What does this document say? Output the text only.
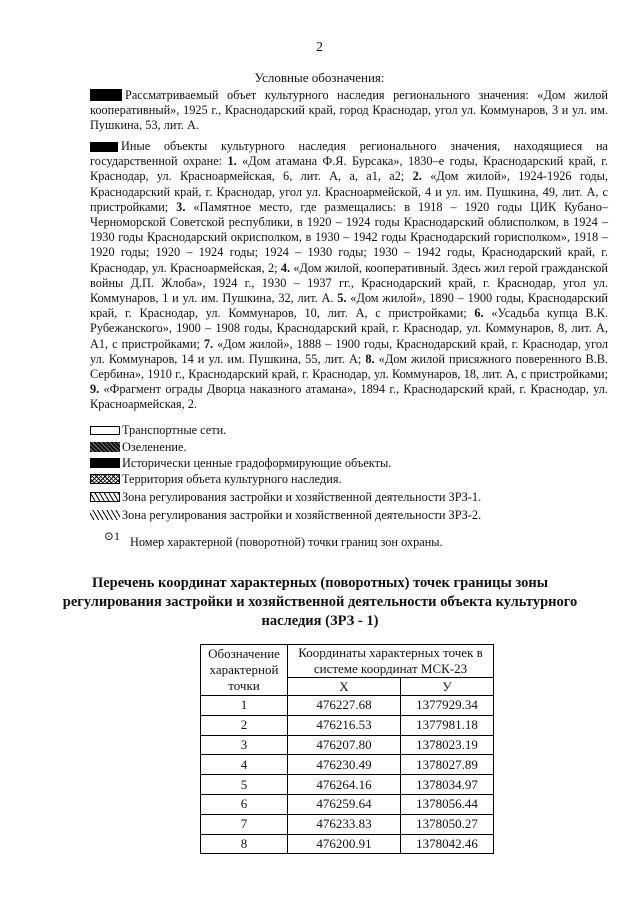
2
Условные обозначения:
Рассматриваемый объет культурного наследия регионального значения: «Дом жилой кооперативный», 1925 г., Краснодарский край, город Краснодар, угол ул. Коммунаров, 3 и ул. им. Пушкина, 53, лит. А.
Иные объекты культурного наследия регионального значения, находящиеся на государственной охране: 1. «Дом атамана Ф.Я. Бурсака», 1830–е годы, Краснодарский край, г. Краснодар, ул. Красноармейская, 6, лит. А, а, а1, а2; 2. «Дом жилой», 1924-1926 годы, Краснодарский край, г. Краснодар, угол ул. Красноармейской, 4 и ул. им. Пушкина, 49, лит. А, с пристройками; 3. «Памятное место, где размещались: в 1918 – 1920 годы ЦИК Кубано–Черноморской Советской республики, в 1920 – 1924 годы Краснодарский облисполком, в 1924 – 1930 годы Краснодарский окрисполком, в 1930 – 1942 годы Краснодарский горисполком», 1918 – 1920 годы; 1920 – 1924 годы; 1924 – 1930 годы; 1930 – 1942 годы, Краснодарский край, г. Краснодар, ул. Красноармейская, 2; 4. «Дом жилой, кооперативный. Здесь жил герой гражданской войны Д.П. Жлоба», 1924 г., 1930 – 1937 гг., Краснодарский край, г. Краснодар, угол ул. Коммунаров, 1 и ул. им. Пушкина, 32, лит. А. 5. «Дом жилой», 1890 – 1900 годы, Краснодарский край, г. Краснодар, ул. Коммунаров, 10, лит. А, с пристройками; 6. «Усадьба купца В.К. Рубежанского», 1900 – 1908 годы, Краснодарский край, г. Краснодар, ул. Коммунаров, 8, лит. А, А1, с пристройками; 7. «Дом жилой», 1888 – 1900 годы, Краснодарский край, г. Краснодар, угол ул. Коммунаров, 14 и ул. им. Пушкина, 55, лит. А; 8. «Дом жилой присяжного поверенного В.В. Сербина», 1910 г., Краснодарский край, г. Краснодар, ул. Коммунаров, 18, лит. А, с пристройками; 9. «Фрагмент ограды Дворца наказного атамана», 1894 г., Краснодарский край, г. Краснодар, ул. Красноармейская, 2.
Транспортные сети.
Озеленение.
Исторически ценные градоформирующие объекты.
Территория объета культурного наследия.
Зона регулирования застройки и хозяйственной деятельности ЗРЗ-1.
Зона регулирования застройки и хозяйственной деятельности ЗРЗ-2.
⊙1 Номер характерной (поворотной) точки границ зон охраны.
Перечень координат характерных (поворотных) точек границы зоны регулирования застройки и хозяйственной деятельности объекта культурного наследия (ЗРЗ - 1)
Обозначение характерной точки	Координаты характерных точек в системе координат МСК-23	
	X	У
1	476227.68	1377929.34
2	476216.53	1377981.18
3	476207.80	1378023.19
4	476230.49	1378027.89
5	476264.16	1378034.97
6	476259.64	1378056.44
7	476233.83	1378050.27
8	476200.91	1378042.46
